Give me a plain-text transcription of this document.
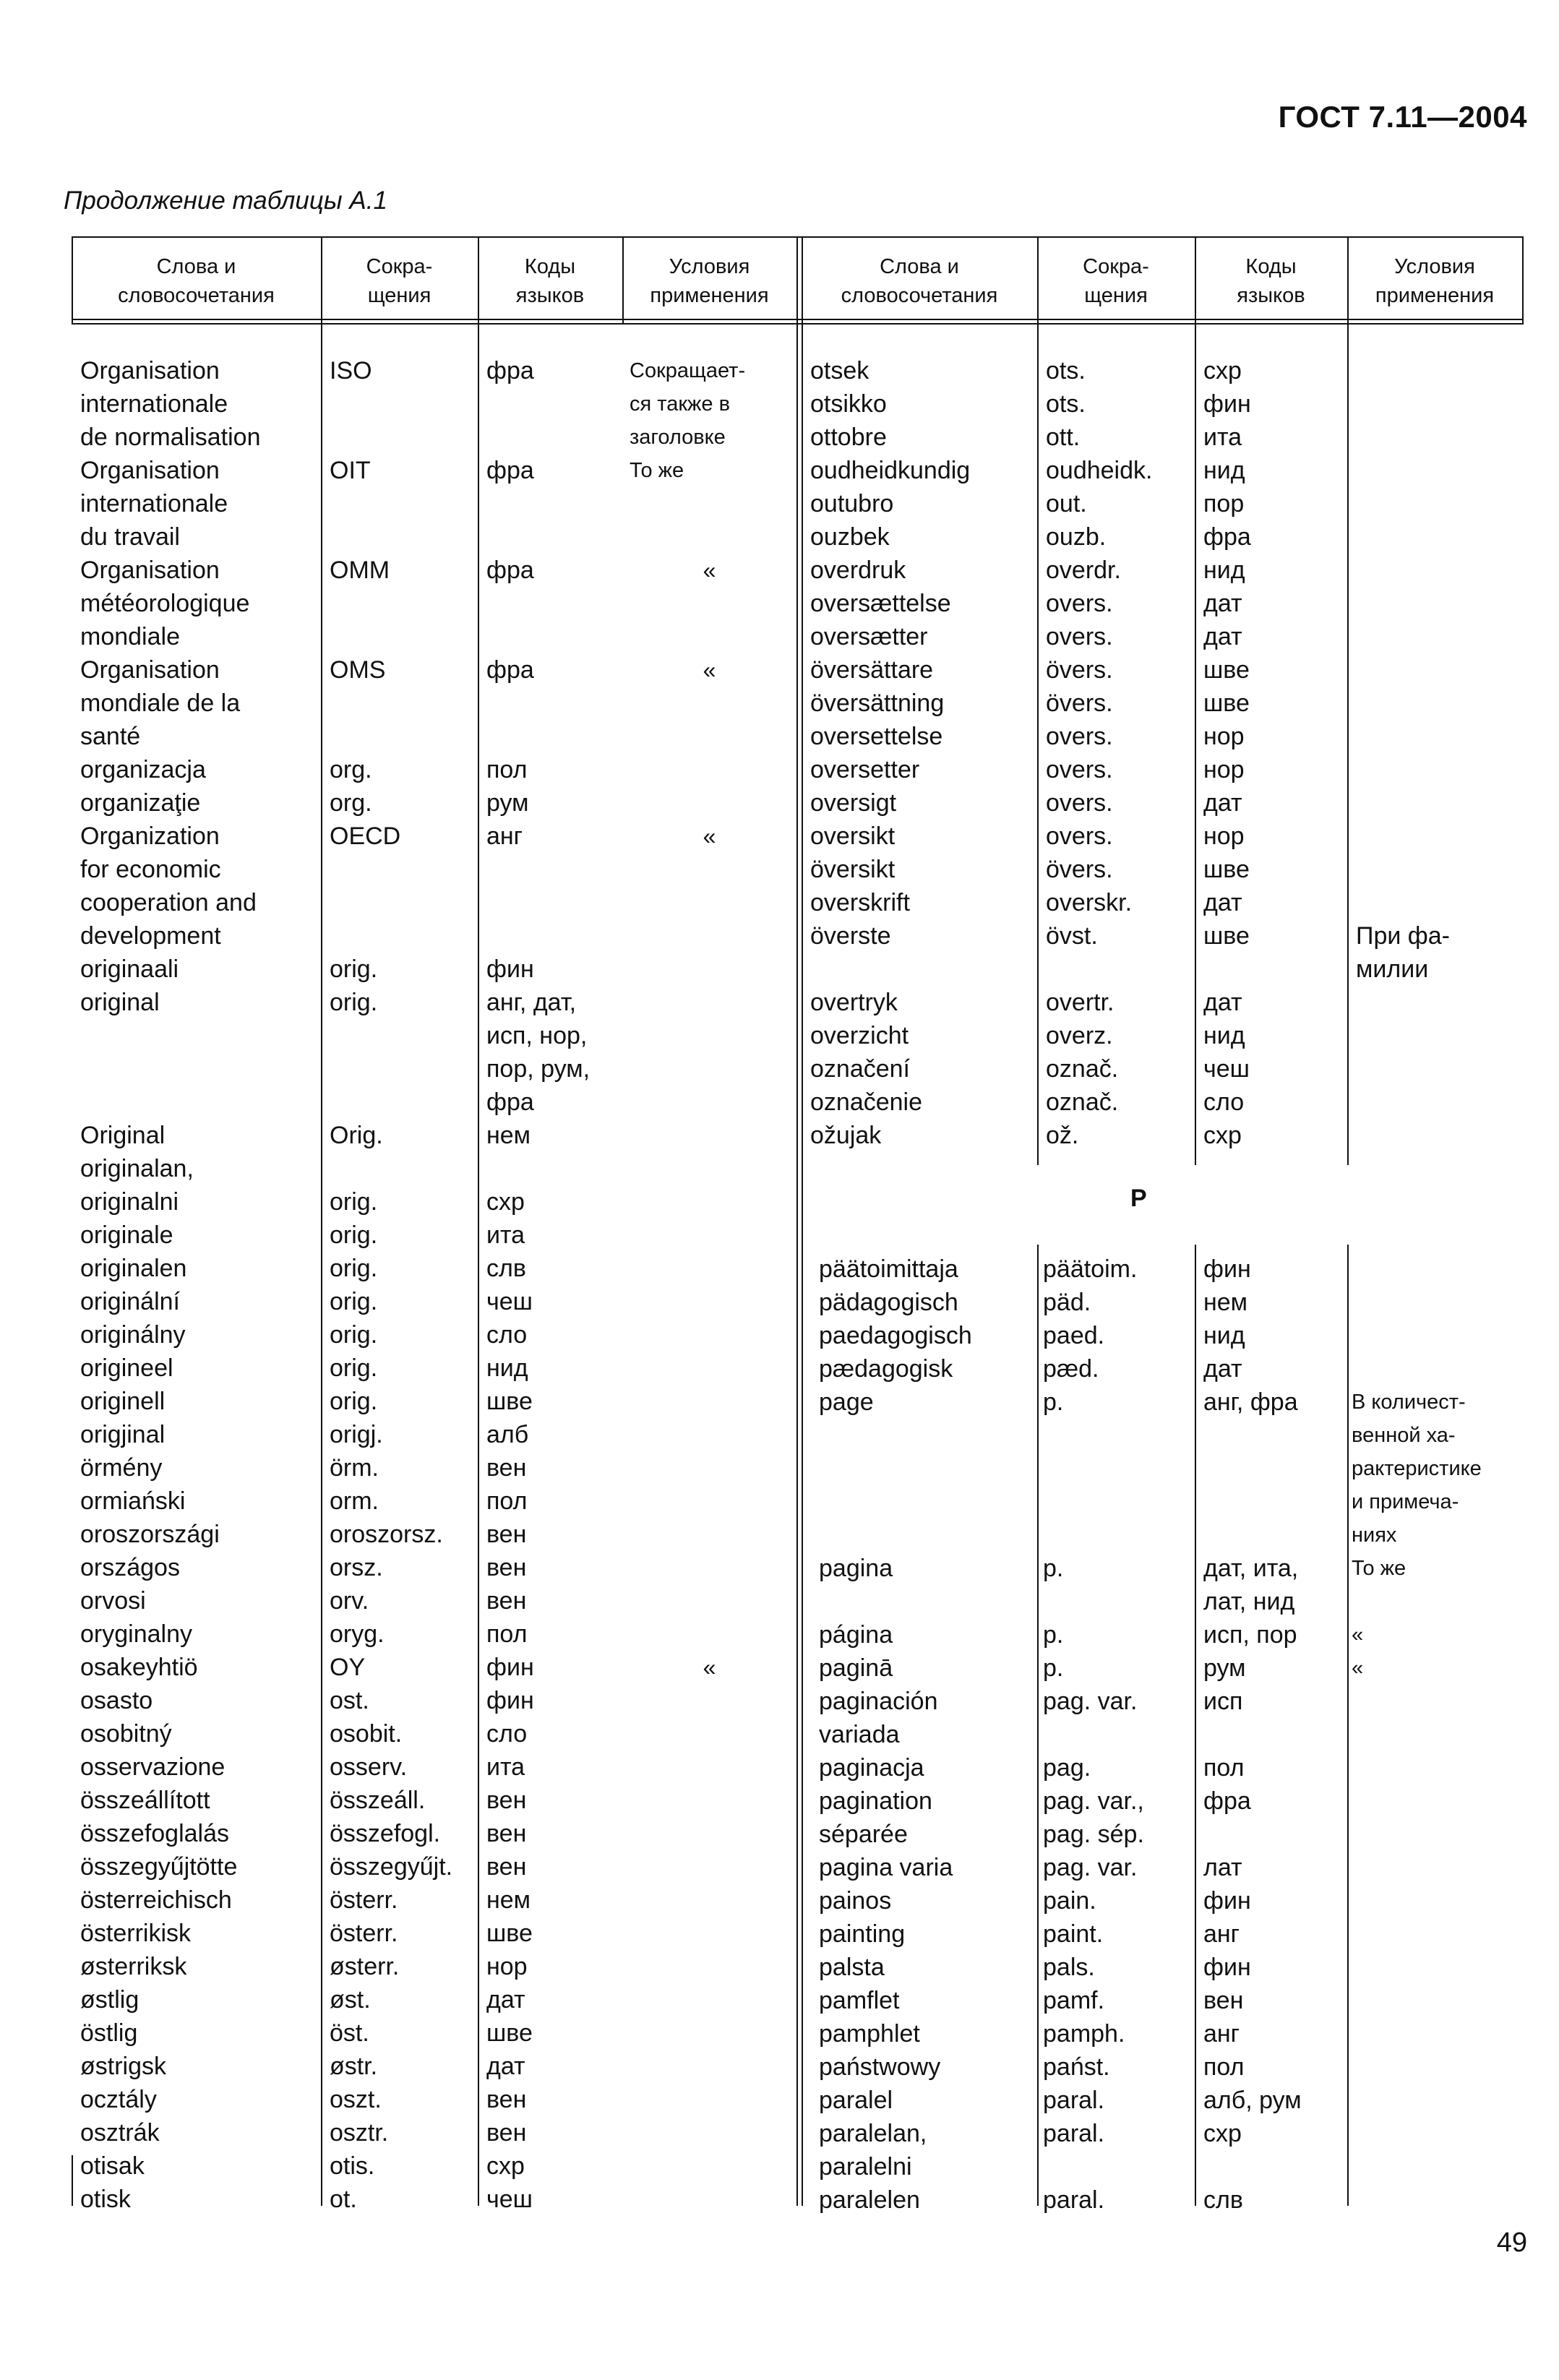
ГОСТ 7.11—2004
Продолжение таблицы А.1
49
Слова и
словосочетания
Сокра-
щения
Коды
языков
Условия
применения
Слова и
словосочетания
Сокра-
щения
Коды
языков
Условия
применения
Organisation
internationale
de normalisation
Organisation
internationale
du travail
Organisation
météorologique
mondiale
Organisation
mondiale de la
santé
organizacja
organizaţie
Organization
for economic
cooperation and
development
originaali
original

Original
originalan,
originalni
originale
originalen
originální
originálny
origineel
originell
origjinal
örmény
ormiański
oroszországi
országos
orvosi
oryginalny
osakeyhtiö
osasto
osobitný
osservazione
összeállított
összefoglalás
összegyűjtötte
österreichisch
österrikisk
østerriksk
østlig
östlig
østrigsk
oсztály
osztrák
otisak
otisk
ISO

OIT

OMM

OMS

org.
org.
OECD

orig.
orig.

Orig.

orig.
orig.
orig.
orig.
orig.
orig.
orig.
origj.
örm.
orm.
oroszorsz.
orsz.
orv.
oryg.
OY
ost.
osobit.
osserv.
összeáll.
összefogl.
összegyűjt.
österr.
österr.
østerr.
øst.
öst.
østr.
oszt.
osztr.
otis.
ot.
фра

фра

фра

фра

пол
рум
анг

фин
анг, дат,
исп, нор,
пор, рум,
фра
нем

схр
ита
слв
чеш
сло
нид
шве
алб
вен
пол
вен
вен
вен
пол
фин
фин
сло
ита
вен
вен
вен
нем
шве
нор
дат
шве
дат
вен
вен
схр
чеш
Сокращает-
ся также в
заголовке
То же
«
«
«
«
otsek
otsikko
ottobre
oudheidkundig
outubro
ouzbek
overdruk
oversættelse
oversætter
översättare
översättning
oversettelse
oversetter
oversigt
oversikt
översikt
overskrift
överste

overtryk
overzicht
označení
označenie
ožujak
ots.
ots.
ott.
oudheidk.
out.
ouzb.
overdr.
overs.
overs.
övers.
övers.
overs.
overs.
overs.
overs.
övers.
overskr.
övst.

overtr.
overz.
označ.
označ.
ož.
схр
фин
ита
нид
пор
фра
нид
дат
дат
шве
шве
нор
нор
дат
нор
шве
дат
шве

дат
нид
чеш
сло
схр

При фа-
милии
P
päätoimittaja
pädagogisch
paedagogisch
pædagogisk
page

pagina

página
paginā
paginación
variada
paginacja
pagination
séparée
pagina varia
painos
painting
palsta
pamflet
pamphlet
państwowy
paralel
paralelan,
paralelni
paralelen
päätoim.
päd.
paed.
pæd.
p.

p.

p.
p.
pag. var.

pag.
pag. var.,
pag. sép.
pag. var.
pain.
paint.
pals.
pamf.
pamph.
państ.
paral.
paral.

paral.
фин
нем
нид
дат
анг, фра

дат, ита,
лат, нид
исп, пор
рум
исп

пол
фра

лат
фин
анг
фин
вен
анг
пол
алб, рум
схр

слв

В количест-
венной ха-
рактеристике
и примеча-
ниях
То же

«
«
